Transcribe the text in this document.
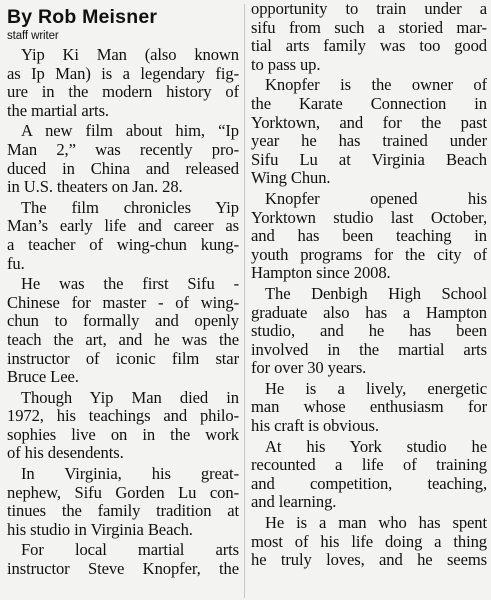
By Rob Meisner
staff writer
Yip Ki Man (also known
as Ip Man) is a legendary fig-
ure in the modern history of
the martial arts.
A new film about him, “Ip
Man 2,” was recently pro-
duced in China and released
in U.S. theaters on Jan. 28.
The film chronicles Yip
Man’s early life and career as
a teacher of wing-chun kung-
fu.
He was the first Sifu -
Chinese for master - of wing-
chun to formally and openly
teach the art, and he was the
instructor of iconic film star
Bruce Lee.
Though Yip Man died in
1972, his teachings and philo-
sophies live on in the work
of his desendents.
In Virginia, his great-
nephew, Sifu Gorden Lu con-
tinues the family tradition at
his studio in Virginia Beach.
For local martial arts
instructor Steve Knopfer, the
opportunity to train under a
sifu from such a storied mar-
tial arts family was too good
to pass up.
Knopfer is the owner of
the Karate Connection in
Yorktown, and for the past
year he has trained under
Sifu Lu at Virginia Beach
Wing Chun.
Knopfer opened his
Yorktown studio last October,
and has been teaching in
youth programs for the city of
Hampton since 2008.
The Denbigh High School
graduate also has a Hampton
studio, and he has been
involved in the martial arts
for over 30 years.
He is a lively, energetic
man whose enthusiasm for
his craft is obvious.
At his York studio he
recounted a life of training
and competition, teaching,
and learning.
He is a man who has spent
most of his life doing a thing
he truly loves, and he seems
